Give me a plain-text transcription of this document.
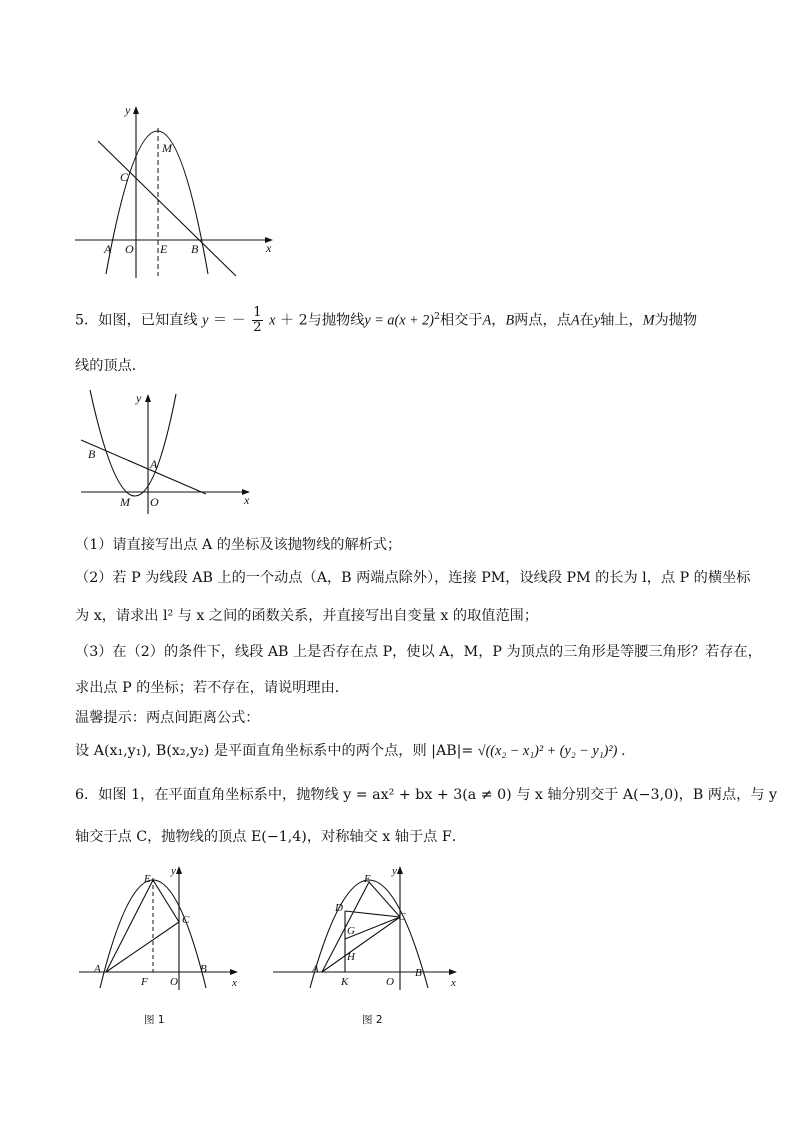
y
x
M
C
A O E B
5．如图，已知直线 y ＝ － $\frac{1}{2}$ x ＋ 2与抛物线$y = a(x + 2)^2$相交于A，B两点，点A在y轴上，M为抛物
线的顶点．
y
x
B
A
M O
（1）请直接写出点 A 的坐标及该抛物线的解析式；
（2）若 P 为线段 AB 上的一个动点（A，B 两端点除外），连接 PM，设线段 PM 的长为 l，点 P 的横坐标
为 x，请求出 l² 与 x 之间的函数关系，并直接写出自变量 x 的取值范围；
（3）在（2）的条件下，线段 AB 上是否存在点 P，使以 A，M，P 为顶点的三角形是等腰三角形？若存在，
求出点 P 的坐标；若不存在，请说明理由．
温馨提示：两点间距离公式：
设 A(x₁,y₁), B(x₂,y₂) 是平面直角坐标系中的两个点，则 |AB|= √((x₂ − x₁)² + (y₂ − y₁)²) ．
6．如图 1，在平面直角坐标系中，抛物线 y = ax² + bx + 3(a ≠ 0) 与 x 轴分别交于 A(−3,0)，B 两点，与 y
轴交于点 C，抛物线的顶点 E(−1,4)，对称轴交 x 轴于点 F．
y
x
E
C
A
F O
B
图 1
y
x
E
D
C
G
H
A
K	O
B
图 2
